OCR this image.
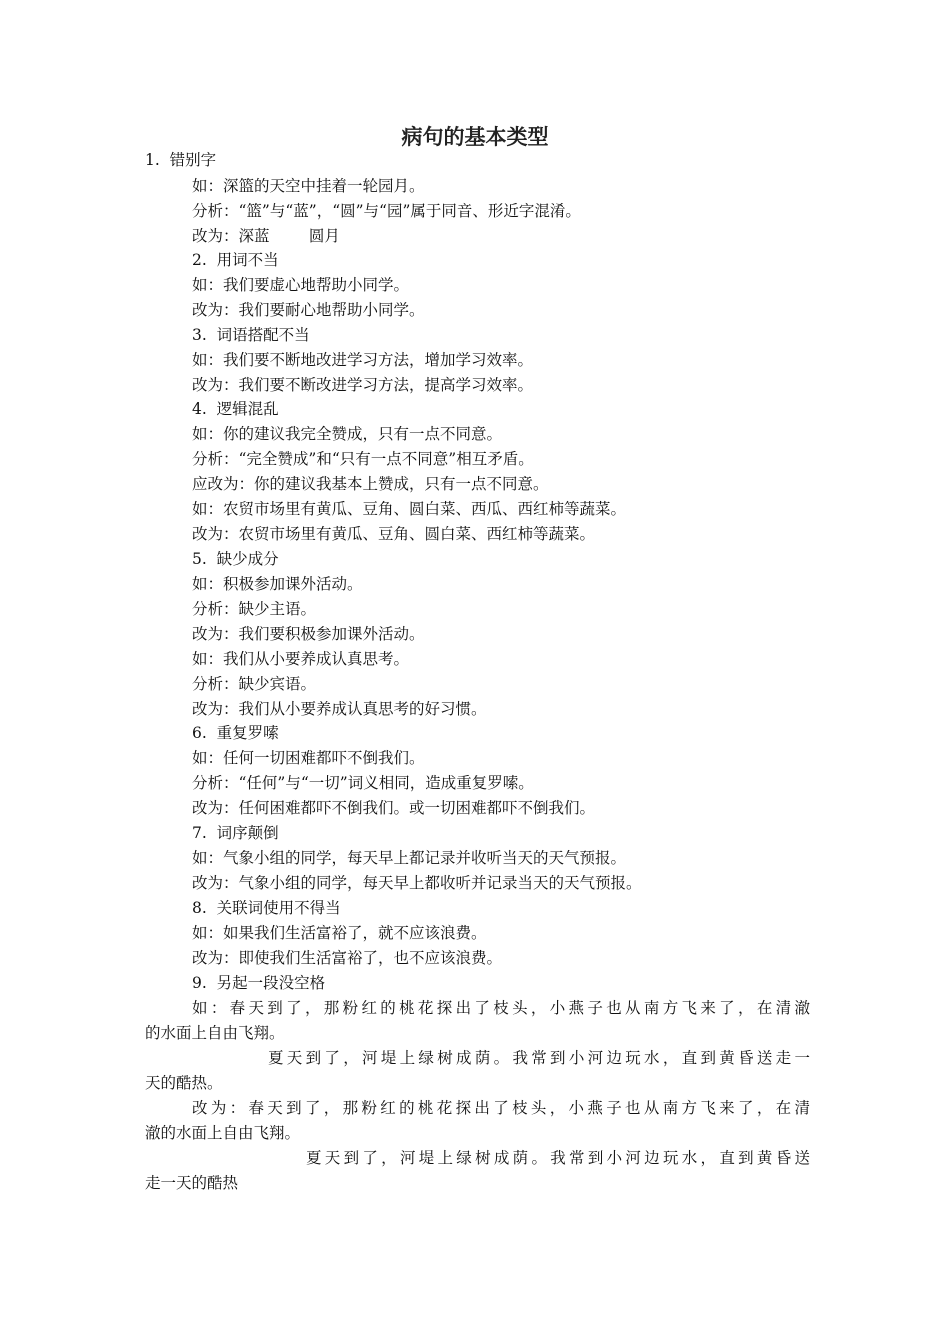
病句的基本类型
1.  错别字
如：深篮的天空中挂着一轮园月。
分析：“篮”与“蓝”，“圆”与“园”属于同音、形近字混淆。
改为：深蓝        圆月
2.  用词不当
如：我们要虚心地帮助小同学。
改为：我们要耐心地帮助小同学。
3.  词语搭配不当
如：我们要不断地改进学习方法，增加学习效率。
改为：我们要不断改进学习方法，提高学习效率。
4.  逻辑混乱
如：你的建议我完全赞成，只有一点不同意。
分析：“完全赞成”和“只有一点不同意”相互矛盾。
应改为：你的建议我基本上赞成，只有一点不同意。
如：农贸市场里有黄瓜、豆角、圆白菜、西瓜、西红柿等蔬菜。
改为：农贸市场里有黄瓜、豆角、圆白菜、西红柿等蔬菜。
5.  缺少成分
如：积极参加课外活动。
分析：缺少主语。
改为：我们要积极参加课外活动。
如：我们从小要养成认真思考。
分析：缺少宾语。
改为：我们从小要养成认真思考的好习惯。
6.  重复罗嗦
如：任何一切困难都吓不倒我们。
分析：“任何”与“一切”词义相同，造成重复罗嗦。
改为：任何困难都吓不倒我们。或一切困难都吓不倒我们。
7.  词序颠倒
如：气象小组的同学，每天早上都记录并收听当天的天气预报。
改为：气象小组的同学，每天早上都收听并记录当天的天气预报。
8.  关联词使用不得当
如：如果我们生活富裕了，就不应该浪费。
改为：即使我们生活富裕了，也不应该浪费。
9.  另起一段没空格
如：春天到了，那粉红的桃花探出了枝头，小燕子也从南方飞来了，在清澈
的水面上自由飞翔。
夏天到了，河堤上绿树成荫。我常到小河边玩水，直到黄昏送走一
天的酷热。
改为：春天到了，那粉红的桃花探出了枝头，小燕子也从南方飞来了，在清
澈的水面上自由飞翔。
夏天到了，河堤上绿树成荫。我常到小河边玩水，直到黄昏送
走一天的酷热
